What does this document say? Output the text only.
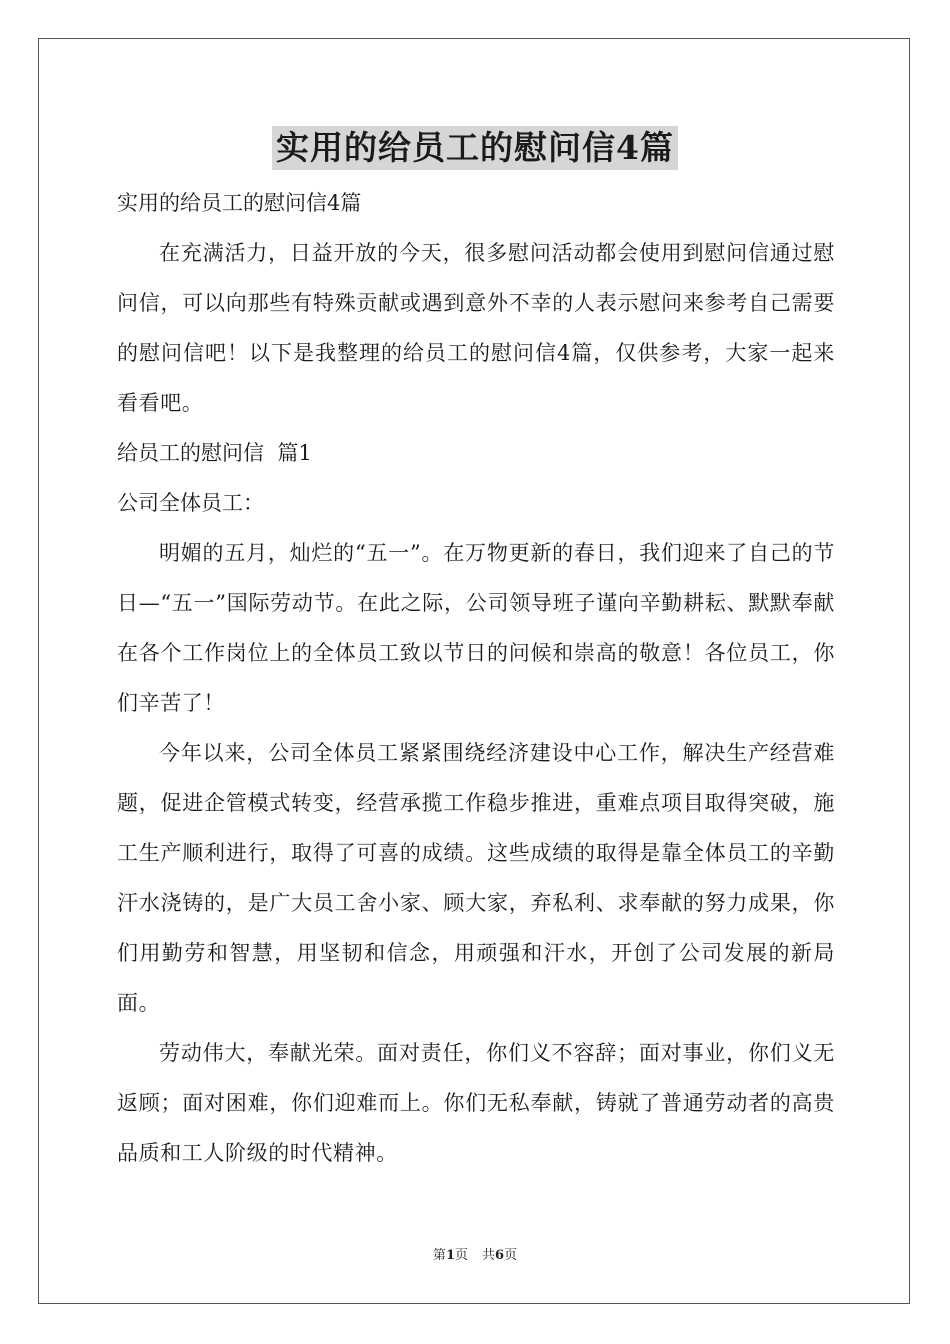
实用的给员工的慰问信4篇

实用的给员工的慰问信4篇

在充满活力，日益开放的今天，很多慰问活动都会使用到慰问信通过慰问信，可以向那些有特殊贡献或遇到意外不幸的人表示慰问来参考自己需要的慰问信吧！以下是我整理的给员工的慰问信4篇，仅供参考，大家一起来看看吧。

给员工的慰问信  篇1

公司全体员工：

明媚的五月，灿烂的“五一”。在万物更新的春日，我们迎来了自己的节日—“五一”国际劳动节。在此之际，公司领导班子谨向辛勤耕耘、默默奉献在各个工作岗位上的全体员工致以节日的问候和崇高的敬意！各位员工，你们辛苦了！

今年以来，公司全体员工紧紧围绕经济建设中心工作，解决生产经营难题，促进企管模式转变，经营承揽工作稳步推进，重难点项目取得突破，施工生产顺利进行，取得了可喜的成绩。这些成绩的取得是靠全体员工的辛勤汗水浇铸的，是广大员工舍小家、顾大家，弃私利、求奉献的努力成果，你们用勤劳和智慧，用坚韧和信念，用顽强和汗水，开创了公司发展的新局面。

劳动伟大，奉献光荣。面对责任，你们义不容辞；面对事业，你们义无返顾；面对困难，你们迎难而上。你们无私奉献，铸就了普通劳动者的高贵品质和工人阶级的时代精神。

第1页 共6页
